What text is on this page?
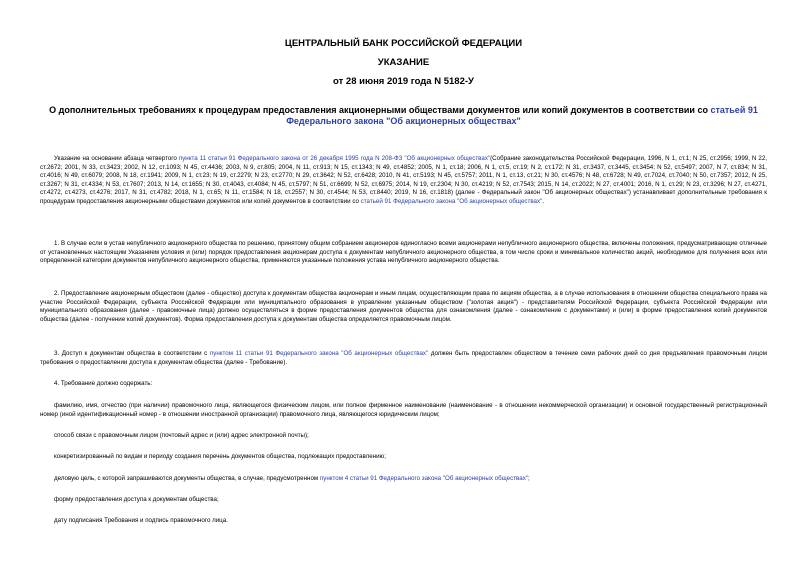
ЦЕНТРАЛЬНЫЙ БАНК РОССИЙСКОЙ ФЕДЕРАЦИИ
УКАЗАНИЕ
от 28 июня 2019 года N 5182-У
О дополнительных требованиях к процедурам предоставления акционерными обществами документов или копий документов в соответствии со статьей 91
Федерального закона "Об акционерных обществах"
Указание на основании абзаца четвертого пункта 11 статьи 91 Федерального закона от 26 декабря 1995 года N 208-ФЗ "Об акционерных обществах"(Собрание законодательства Российской Федерации, 1996, N 1, ст.1; N 25, ст.2956; 1999, N 22, ст.2672; 2001, N 33, ст.3423; 2002, N 12, ст.1093; N 45, ст.4436; 2003, N 9, ст.805; 2004, N 11, ст.913; N 15, ст.1343; N 49, ст.4852; 2005, N 1, ст.18; 2006, N 1, ст.5, ст.19; N 2, ст.172; N 31, ст.3437, ст.3445, ст.3454; N 52, ст.5497; 2007, N 7, ст.834; N 31, ст.4016; N 49, ст.6079; 2008, N 18, ст.1941; 2009, N 1, ст.23; N 19, ст.2279; N 23, ст.2770; N 29, ст.3642; N 52, ст.6428; 2010, N 41, ст.5193; N 45, ст.5757; 2011, N 1, ст.13, ст.21; N 30, ст.4576; N 48, ст.6728; N 49, ст.7024, ст.7040; N 50, ст.7357; 2012, N 25, ст.3267; N 31, ст.4334; N 53, ст.7607; 2013, N 14, ст.1655; N 30, ст.4043, ст.4084; N 45, ст.5797; N 51, ст.6699; N 52, ст.6975; 2014, N 19, ст.2304; N 30, ст.4219; N 52, ст.7543; 2015, N 14, ст.2022; N 27, ст.4001; 2016, N 1, ст.29; N 23, ст.3296; N 27, ст.4271, ст.4272, ст.4273, ст.4276; 2017, N 31, ст.4782; 2018, N 1, ст.65; N 11, ст.1584; N 18, ст.2557; N 30, ст.4544; N 53, ст.8440; 2019, N 16, ст.1818) (далее - Федеральный закон "Об акционерных обществах") устанавливает дополнительные требования к процедурам предоставления акционерными обществами документов или копий документов в соответствии со статьей 91 Федерального закона "Об акционерных обществах".
1. В случае если в устав непубличного акционерного общества по решению, принятому общим собранием акционеров единогласно всеми акционерами непубличного акционерного общества, включены положения, предусматривающие отличные от установленных настоящим Указанием условия и (или) порядок предоставления акционерам доступа к документам непубличного акционерного общества, в том числе сроки и минимальное количество акций, необходимое для получения всех или определенной категории документов непубличного акционерного общества, применяются указанные положения устава непубличного акционерного общества.
2. Предоставление акционерным обществом (далее - общество) доступа к документам общества акционерам и иным лицам, осуществляющим права по акциям общества, а в случае использования в отношении общества специального права на участие Российской Федерации, субъекта Российской Федерации или муниципального образования в управлении указанным обществом ("золотая акция") - представителям Российской Федерации, субъекта Российской Федерации или муниципального образования (далее - правомочные лица) должно осуществляться в форме предоставления документов общества для ознакомления (далее - ознакомление с документами) и (или) в форме предоставления копий документов общества (далее - получение копий документов). Форма предоставления доступа к документам общества определяется правомочным лицом.
3. Доступ к документам общества в соответствии с пунктом 11 статьи 91 Федерального закона "Об акционерных обществах" должен быть предоставлен обществом в течение семи рабочих дней со дня предъявления правомочным лицом требования о предоставлении доступа к документам общества (далее - Требование).
4. Требование должно содержать:
фамилию, имя, отчество (при наличии) правомочного лица, являющегося физическим лицом, или полное фирменное наименование (наименование - в отношении некоммерческой организации) и основной государственный регистрационный номер (иной идентификационный номер - в отношении иностранной организации) правомочного лица, являющегося юридическим лицом;
способ связи с правомочным лицом (почтовый адрес и (или) адрес электронной почты);
конкретизированный по видам и периоду создания перечень документов общества, подлежащих предоставлению;
деловую цель, с которой запрашиваются документы общества, в случае, предусмотренном пунктом 4 статьи 91 Федерального закона "Об акционерных обществах";
форму предоставления доступа к документам общества;
дату подписания Требования и подпись правомочного лица.
